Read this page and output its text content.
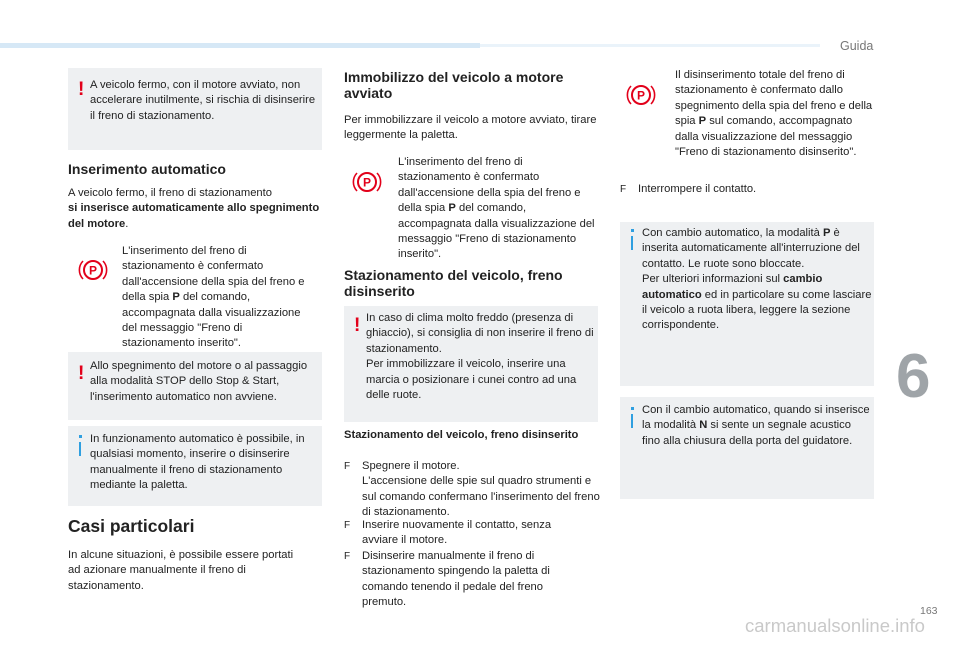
Guida
6
163
carmanualsonline.info
! A veicolo fermo, con il motore avviato, non accelerare inutilmente, si rischia di disinserire il freno di stazionamento.

Inserimento automatico

A veicolo fermo, il freno di stazionamento
si inserisce automaticamente allo spegnimento del motore.

P

L'inserimento del freno di stazionamento è confermato dall'accensione della spia del freno e della spia P del comando, accompagnata dalla visualizzazione del messaggio "Freno di stazionamento inserito".

! Allo spegnimento del motore o al passaggio alla modalità STOP dello Stop & Start, l'inserimento automatico non avviene.

In funzionamento automatico è possibile, in qualsiasi momento, inserire o disinserire manualmente il freno di stazionamento mediante la paletta.

Casi particolari

In alcune situazioni, è possibile essere portati ad azionare manualmente il freno di stazionamento.

Immobilizzo del veicolo a motore avviato

Per immobilizzare il veicolo a motore avviato, tirare leggermente la paletta.

P

L'inserimento del freno di stazionamento è confermato dall'accensione della spia del freno e della spia P del comando, accompagnata dalla visualizzazione del messaggio "Freno di stazionamento inserito".

Stazionamento del veicolo, freno disinserito
! In caso di clima molto freddo (presenza di ghiaccio), si consiglia di non inserire il freno di stazionamento.
Per immobilizzare il veicolo, inserire una marcia o posizionare i cunei contro ad una delle ruote.

Stazionamento del veicolo, freno disinserito

F	Spegnere il motore.
L'accensione delle spie sul quadro strumenti e sul comando confermano l'inserimento del freno di stazionamento.

F	Inserire nuovamente il contatto, senza avviare il motore.

F	Disinserire manualmente il freno di stazionamento spingendo la paletta di comando tenendo il pedale del freno premuto.

P

Il disinserimento totale del freno di stazionamento è confermato dallo spegnimento della spia del freno e della spia P sul comando, accompagnato dalla visualizzazione del messaggio "Freno di stazionamento disinserito".

F	Interrompere il contatto.

Con cambio automatico, la modalità P è inserita automaticamente all'interruzione del contatto. Le ruote sono bloccate.
Per ulteriori informazioni sul cambio automatico ed in particolare su come lasciare il veicolo a ruota libera, leggere la sezione corrispondente.

Con il cambio automatico, quando si inserisce la modalità N si sente un segnale acustico fino alla chiusura della porta del guidatore.
